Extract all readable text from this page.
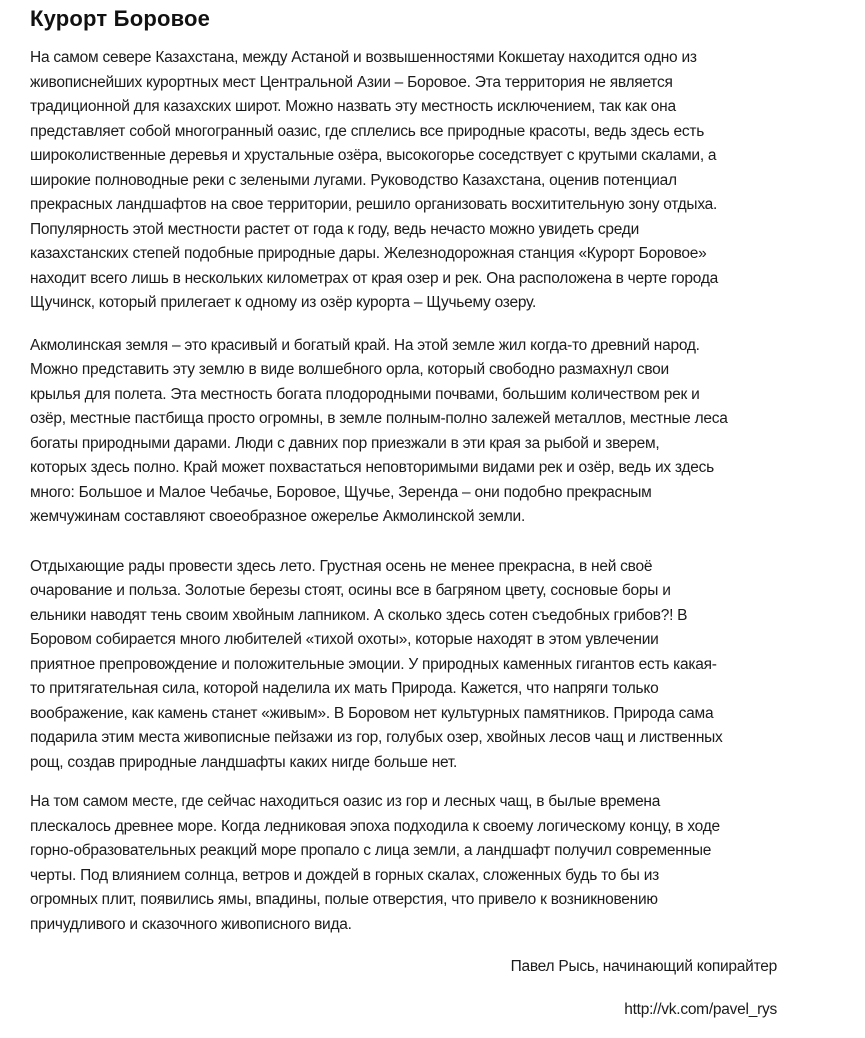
Курорт Боровое
На самом севере Казахстана, между Астаной и возвышенностями Кокшетау находится одно из
живописнейших курортных мест Центральной Азии – Боровое. Эта территория не является
традиционной для казахских широт. Можно назвать эту местность исключением, так как она
представляет собой многогранный оазис, где сплелись все природные красоты, ведь здесь есть
широколиственные деревья и хрустальные озёра, высокогорье соседствует с крутыми скалами, а
широкие полноводные реки с зелеными лугами. Руководство Казахстана, оценив потенциал
прекрасных ландшафтов на свое территории, решило организовать восхитительную зону отдыха.
Популярность этой местности растет от года к году, ведь нечасто можно увидеть среди
казахстанских степей подобные природные дары. Железнодорожная станция «Курорт Боровое»
находит всего лишь в нескольких километрах от края озер и рек. Она расположена в черте города
Щучинск, который прилегает к одному из озёр курорта – Щучьему озеру.
Акмолинская земля – это красивый и богатый край. На этой земле жил когда-то древний народ.
Можно представить эту землю в виде волшебного орла, который свободно размахнул свои
крылья для полета. Эта местность богата плодородными почвами, большим количеством рек и
озёр, местные пастбища просто огромны, в земле полным-полно залежей металлов, местные леса
богаты природными дарами. Люди с давних пор приезжали в эти края за рыбой и зверем,
которых здесь полно. Край может похвастаться неповторимыми видами рек и озёр, ведь их здесь
много: Большое и Малое Чебачье, Боровое, Щучье, Зеренда – они подобно прекрасным
жемчужинам составляют своеобразное ожерелье Акмолинской земли.
Отдыхающие рады провести здесь лето. Грустная осень не менее прекрасна, в ней своё
очарование и польза. Золотые березы стоят, осины все в багряном цвету, сосновые боры и
ельники наводят тень своим хвойным лапником. А сколько здесь сотен съедобных грибов?! В
Боровом собирается много любителей «тихой охоты», которые находят в этом увлечении
приятное препровождение и положительные эмоции. У природных каменных гигантов есть какая-
то притягательная сила, которой наделила их мать Природа. Кажется, что напряги только
воображение, как камень станет «живым». В Боровом нет культурных памятников. Природа сама
подарила этим места живописные пейзажи из гор, голубых озер, хвойных лесов чащ и лиственных
рощ, создав природные ландшафты каких нигде больше нет.
На том самом месте, где сейчас находиться оазис из гор и лесных чащ, в былые времена
плескалось древнее море. Когда ледниковая эпоха подходила к своему логическому концу, в ходе
горно-образовательных реакций море пропало с лица земли, а ландшафт получил современные
черты. Под влиянием солнца, ветров и дождей в горных скалах, сложенных будь то бы из
огромных плит, появились ямы, впадины, полые отверстия, что привело к возникновению
причудливого и сказочного живописного вида.
Павел Рысь, начинающий копирайтер
http://vk.com/pavel_rys
